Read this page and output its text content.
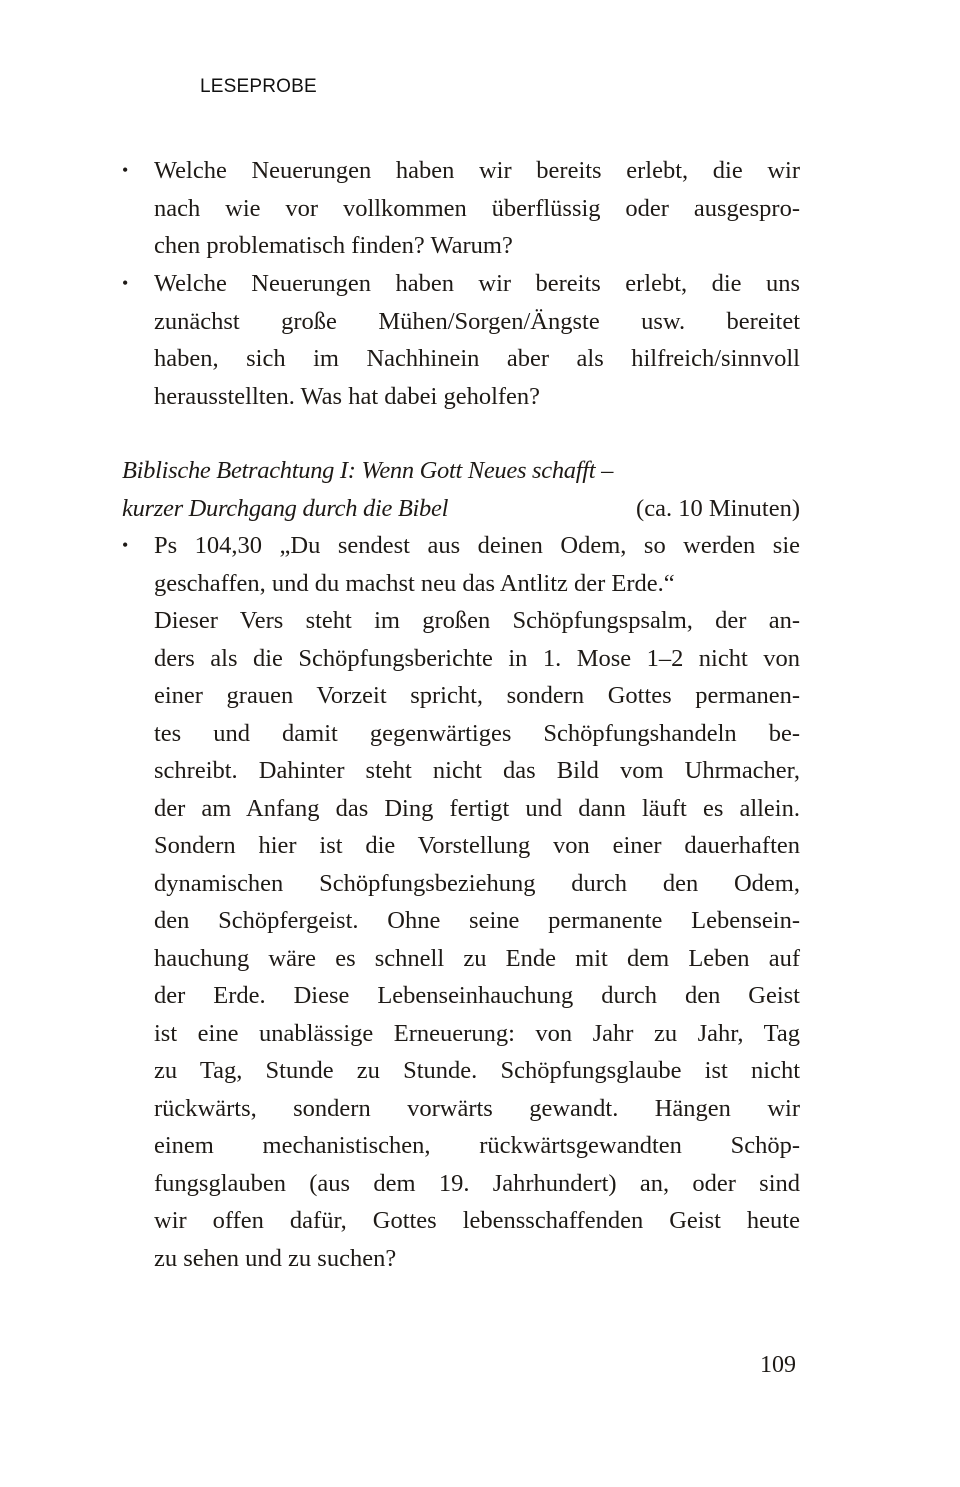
LESEPROBE
• Welche Neuerungen haben wir bereits erlebt, die wir
nach wie vor vollkommen überflüssig oder ausgespro-
chen problematisch finden? Warum?
• Welche Neuerungen haben wir bereits erlebt, die uns
zunächst große Mühen/Sorgen/Ängste usw. bereitet
haben, sich im Nachhinein aber als hilfreich/sinnvoll
herausstellten. Was hat dabei geholfen?
Biblische Betrachtung I: Wenn Gott Neues schafft –
kurzer Durchgang durch die Bibel	(ca. 10 Minuten)
• Ps 104,30 „Du sendest aus deinen Odem, so werden sie
geschaffen, und du machst neu das Antlitz der Erde.“
Dieser Vers steht im großen Schöpfungspsalm, der an-
ders als die Schöpfungsberichte in 1. Mose 1–2 nicht von
einer grauen Vorzeit spricht, sondern Gottes permanen-
tes und damit gegenwärtiges Schöpfungshandeln be-
schreibt. Dahinter steht nicht das Bild vom Uhrmacher,
der am Anfang das Ding fertigt und dann läuft es allein.
Sondern hier ist die Vorstellung von einer dauerhaften
dynamischen Schöpfungsbeziehung durch den Odem,
den Schöpfergeist. Ohne seine permanente Lebensein-
hauchung wäre es schnell zu Ende mit dem Leben auf
der Erde. Diese Lebenseinhauchung durch den Geist
ist eine unablässige Erneuerung: von Jahr zu Jahr, Tag
zu Tag, Stunde zu Stunde. Schöpfungsglaube ist nicht
rückwärts, sondern vorwärts gewandt. Hängen wir
einem mechanistischen, rückwärtsgewandten Schöp-
fungsglauben (aus dem 19. Jahrhundert) an, oder sind
wir offen dafür, Gottes lebensschaffenden Geist heute
zu sehen und zu suchen?
109
